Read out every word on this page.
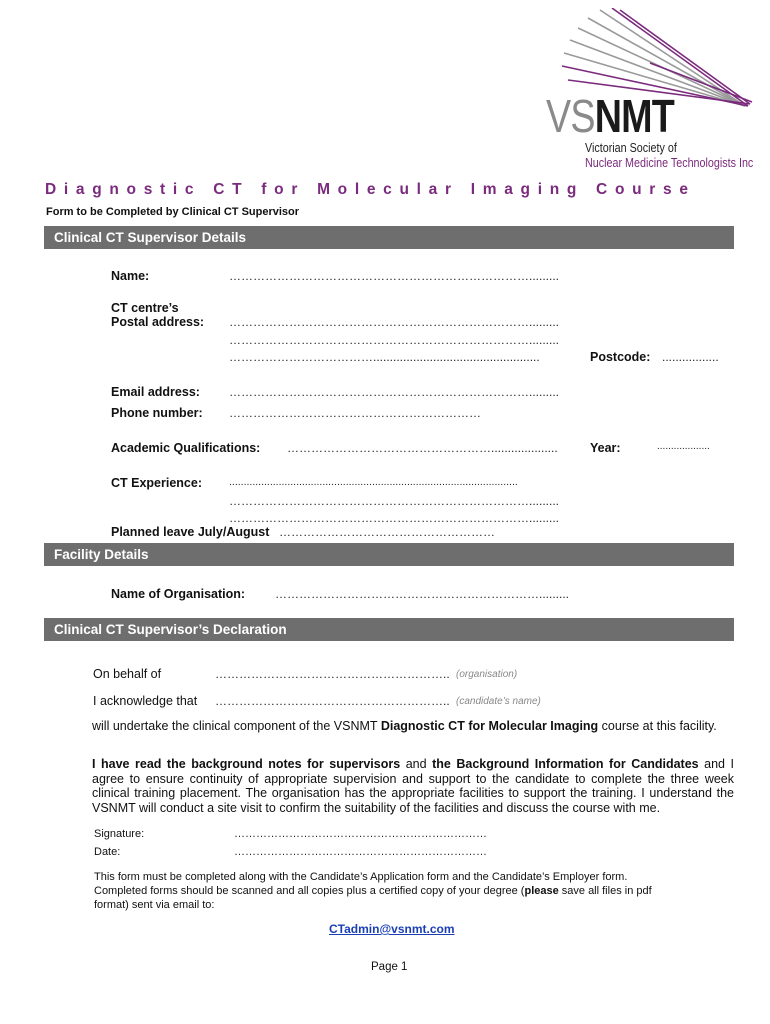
VSNMT
Victorian Society of
Nuclear Medicine Technologists Inc
Diagnostic CT for Molecular Imaging Course
Form to be Completed by Clinical CT Supervisor
Clinical CT Supervisor Details
Name:	………………………………………………………………….........
CT centre’s
Postal address: ………………………………………………………………….........
………………………………………………………………….........
………………………………..................................................	Postcode: .................
Email address: ………………………………………………………………….........
Phone number: ………………………………………………………
Academic Qualifications: ……………………………………………....................	Year:	...................
CT Experience:	...................................................................................................
………………………………………………………………….........
………………………………………………………………….........
Planned leave July/August ………………………………………………
Facility Details
Name of Organisation: ………………………………………………………….........
Clinical CT Supervisor’s Declaration
On behalf of	………………………………………………….. (organisation)
I acknowledge that ………………………………………………….. (candidate’s name)
will undertake the clinical component of the VSNMT Diagnostic CT for Molecular Imaging course at this facility.
I have read the background notes for supervisors and the Background Information for Candidates and I agree to ensure continuity of appropriate supervision and support to the candidate to complete the three week clinical training placement. The organisation has the appropriate facilities to support the training. I understand the VSNMT will conduct a site visit to confirm the suitability of the facilities and discuss the course with me.
Signature:	……………………………………………………………
Date:	……………………………………………………………
This form must be completed along with the Candidate’s Application form and the Candidate’s Employer form.
Completed forms should be scanned and all copies plus a certified copy of your degree (please save all files in pdf
format) sent via email to:
CTadmin@vsnmt.com
Page 1
